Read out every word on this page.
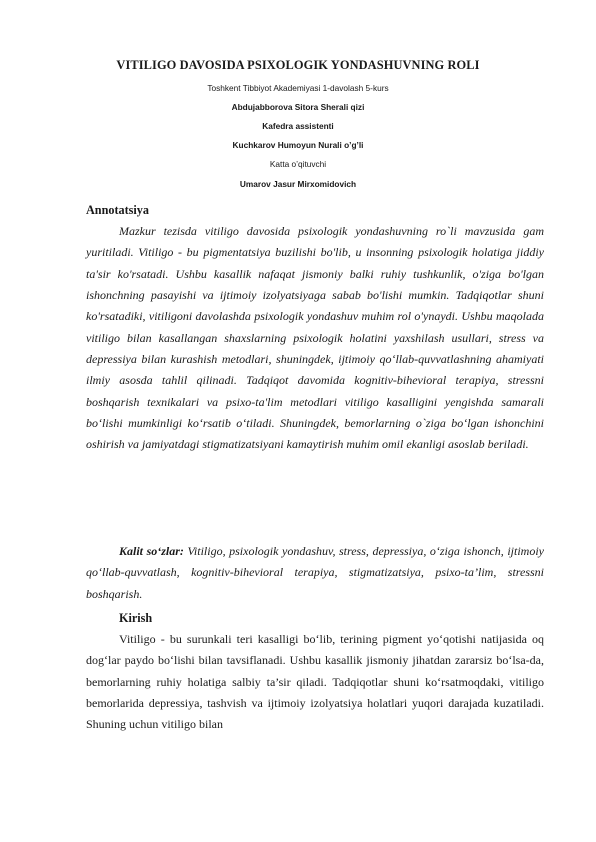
VITILIGO DAVOSIDA PSIXOLOGIK YONDASHUVNING ROLI

Toshkent Tibbiyot Akademiyasi 1-davolash 5-kurs

Abdujabborova Sitora Sherali qizi

Kafedra assistenti

Kuchkarov Humoyun Nurali o’g’li

Katta o’qituvchi

Umarov Jasur Mirxomidovich

Annotatsiya

Mazkur tezisda vitiligo davosida psixologik yondashuvning ro`li mavzusida gam yuritiladi. Vitiligo - bu pigmentatsiya buzilishi bo'lib, u insonning psixologik holatiga jiddiy ta'sir ko'rsatadi. Ushbu kasallik nafaqat jismoniy balki ruhiy tushkunlik, o'ziga bo'lgan ishonchning pasayishi va ijtimoiy izolyatsiyaga sabab bo'lishi mumkin. Tadqiqotlar shuni ko'rsatadiki, vitiligoni davolashda psixologik yondashuv muhim rol o'ynaydi. Ushbu maqolada vitiligo bilan kasallangan shaxslarning psixologik holatini yaxshilash usullari, stress va depressiya bilan kurashish metodlari, shuningdek, ijtimoiy qo‘llab-quvvatlashning ahamiyati ilmiy asosda tahlil qilinadi. Tadqiqot davomida kognitiv-bihevioral terapiya, stressni boshqarish texnikalari va psixo-ta'lim metodlari vitiligo kasalligini yengishda samarali bo‘lishi mumkinligi ko‘rsatib o‘tiladi. Shuningdek, bemorlarning o`ziga bo‘lgan ishonchini oshirish va jamiyatdagi stigmatizatsiyani kamaytirish muhim omil ekanligi asoslab beriladi.

Kalit so‘zlar: Vitiligo, psixologik yondashuv, stress, depressiya, o‘ziga ishonch, ijtimoiy qo‘llab-quvvatlash, kognitiv-bihevioral terapiya, stigmatizatsiya, psixo-ta’lim, stressni boshqarish.

Kirish

Vitiligo - bu surunkali teri kasalligi bo‘lib, terining pigment yo‘qotishi natijasida oq dog‘lar paydo bo‘lishi bilan tavsiflanadi. Ushbu kasallik jismoniy jihatdan zararsiz bo‘lsa-da, bemorlarning ruhiy holatiga salbiy ta’sir qiladi. Tadqiqotlar shuni ko‘rsatmoqdaki, vitiligo bemorlarida depressiya, tashvish va ijtimoiy izolyatsiya holatlari yuqori darajada kuzatiladi. Shuning uchun vitiligo bilan
